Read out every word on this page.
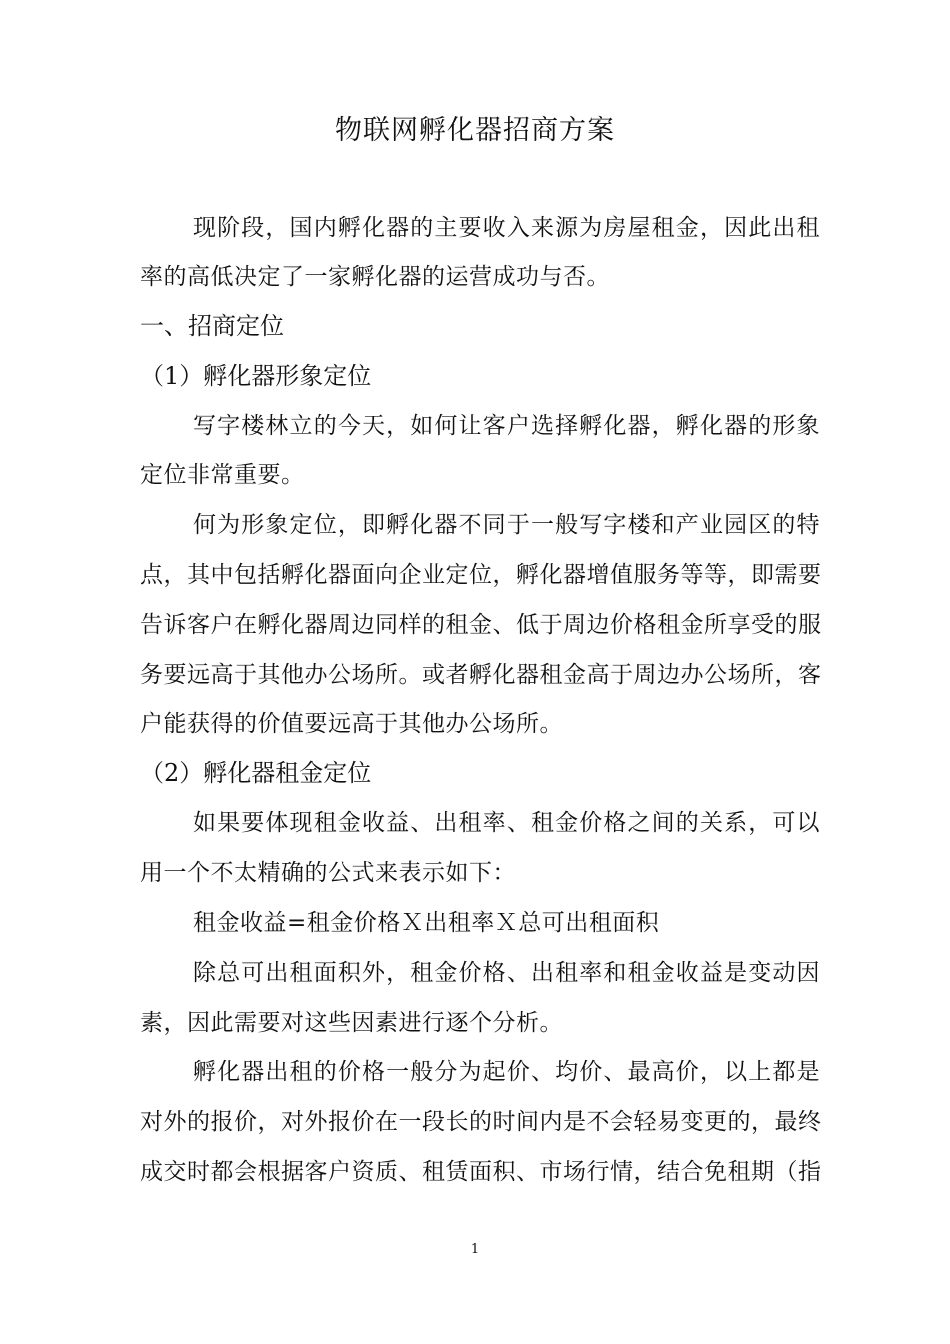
物联网孵化器招商方案
现阶段，国内孵化器的主要收入来源为房屋租金，因此出租
率的高低决定了一家孵化器的运营成功与否。
一、招商定位
（1）孵化器形象定位
写字楼林立的今天，如何让客户选择孵化器，孵化器的形象
定位非常重要。
何为形象定位，即孵化器不同于一般写字楼和产业园区的特
点，其中包括孵化器面向企业定位，孵化器增值服务等等，即需要
告诉客户在孵化器周边同样的租金、低于周边价格租金所享受的服
务要远高于其他办公场所。或者孵化器租金高于周边办公场所，客
户能获得的价值要远高于其他办公场所。
（2）孵化器租金定位
如果要体现租金收益、出租率、租金价格之间的关系，可以
用一个不太精确的公式来表示如下：
租金收益=租金价格Ｘ出租率Ｘ总可出租面积
除总可出租面积外，租金价格、出租率和租金收益是变动因
素，因此需要对这些因素进行逐个分析。
孵化器出租的价格一般分为起价、均价、最高价，以上都是
对外的报价，对外报价在一段长的时间内是不会轻易变更的，最终
成交时都会根据客户资质、租赁面积、市场行情，结合免租期（指
1
